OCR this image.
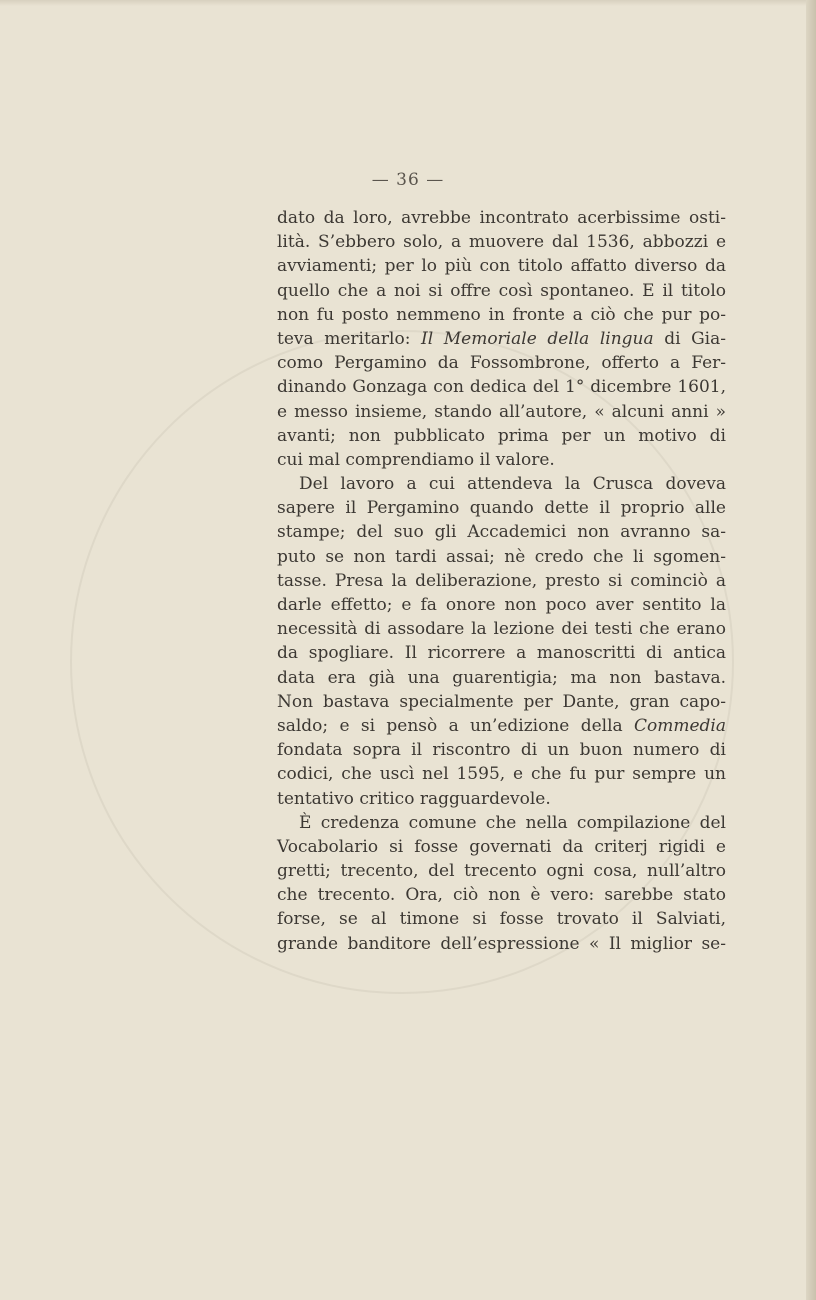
— 36 —
dato da loro, avrebbe incontrato acerbissime osti-
lità. S’ebbero solo, a muovere dal 1536, abbozzi e
avviamenti; per lo più con titolo affatto diverso da
quello che a noi si offre così spontaneo. E il titolo
non fu posto nemmeno in fronte a ciò che pur po-
teva meritarlo: Il Memoriale della lingua di Gia-
como Pergamino da Fossombrone, offerto a Fer-
dinando Gonzaga con dedica del 1° dicembre 1601,
e messo insieme, stando all’autore, « alcuni anni »
avanti; non pubblicato prima per un motivo di
cui mal comprendiamo il valore.
Del lavoro a cui attendeva la Crusca doveva
sapere il Pergamino quando dette il proprio alle
stampe; del suo gli Accademici non avranno sa-
puto se non tardi assai; nè credo che li sgomen-
tasse. Presa la deliberazione, presto si cominciò a
darle effetto; e fa onore non poco aver sentito la
necessità di assodare la lezione dei testi che erano
da spogliare. Il ricorrere a manoscritti di antica
data era già una guarentigia; ma non bastava.
Non bastava specialmente per Dante, gran capo-
saldo; e si pensò a un’edizione della Commedia
fondata sopra il riscontro di un buon numero di
codici, che uscì nel 1595, e che fu pur sempre un
tentativo critico ragguardevole.
È credenza comune che nella compilazione del
Vocabolario si fosse governati da criterj rigidi e
gretti; trecento, del trecento ogni cosa, null’altro
che trecento. Ora, ciò non è vero: sarebbe stato
forse, se al timone si fosse trovato il Salviati,
grande banditore dell’espressione « Il miglior se-
